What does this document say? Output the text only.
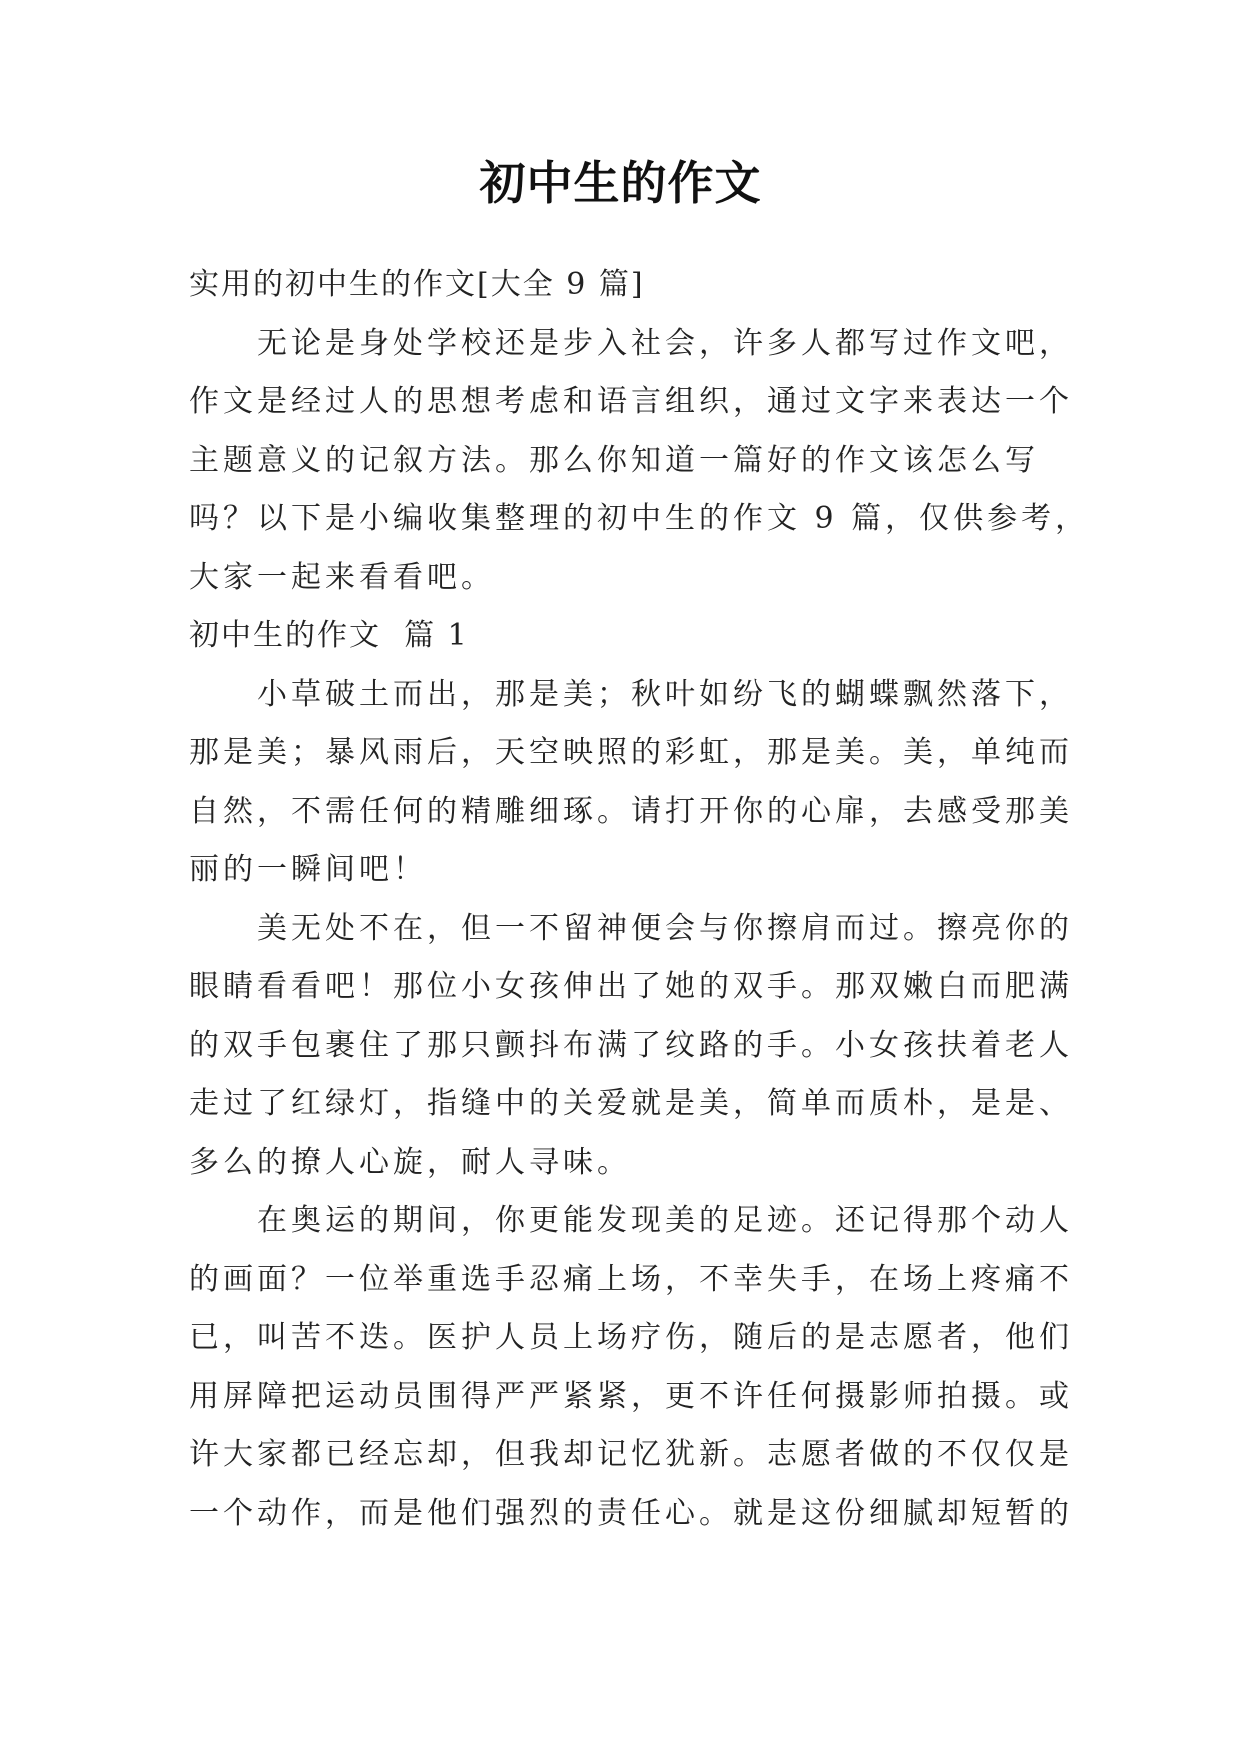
初中生的作文

实用的初中生的作文[大全 9 篇]

无论是身处学校还是步入社会，许多人都写过作文吧，

作文是经过人的思想考虑和语言组织，通过文字来表达一个

主题意义的记叙方法。那么你知道一篇好的作文该怎么写

吗？以下是小编收集整理的初中生的作文 9 篇，仅供参考，

大家一起来看看吧。

初中生的作文  篇 1

小草破土而出，那是美；秋叶如纷飞的蝴蝶飘然落下，

那是美；暴风雨后，天空映照的彩虹，那是美。美，单纯而

自然，不需任何的精雕细琢。请打开你的心扉，去感受那美

丽的一瞬间吧！

美无处不在，但一不留神便会与你擦肩而过。擦亮你的

眼睛看看吧！那位小女孩伸出了她的双手。那双嫩白而肥满

的双手包裹住了那只颤抖布满了纹路的手。小女孩扶着老人

走过了红绿灯，指缝中的关爱就是美，简单而质朴，是是、

多么的撩人心旋，耐人寻味。

在奥运的期间，你更能发现美的足迹。还记得那个动人

的画面？一位举重选手忍痛上场，不幸失手，在场上疼痛不

已，叫苦不迭。医护人员上场疗伤，随后的是志愿者，他们

用屏障把运动员围得严严紧紧，更不许任何摄影师拍摄。或

许大家都已经忘却，但我却记忆犹新。志愿者做的不仅仅是

一个动作，而是他们强烈的责任心。就是这份细腻却短暂的
